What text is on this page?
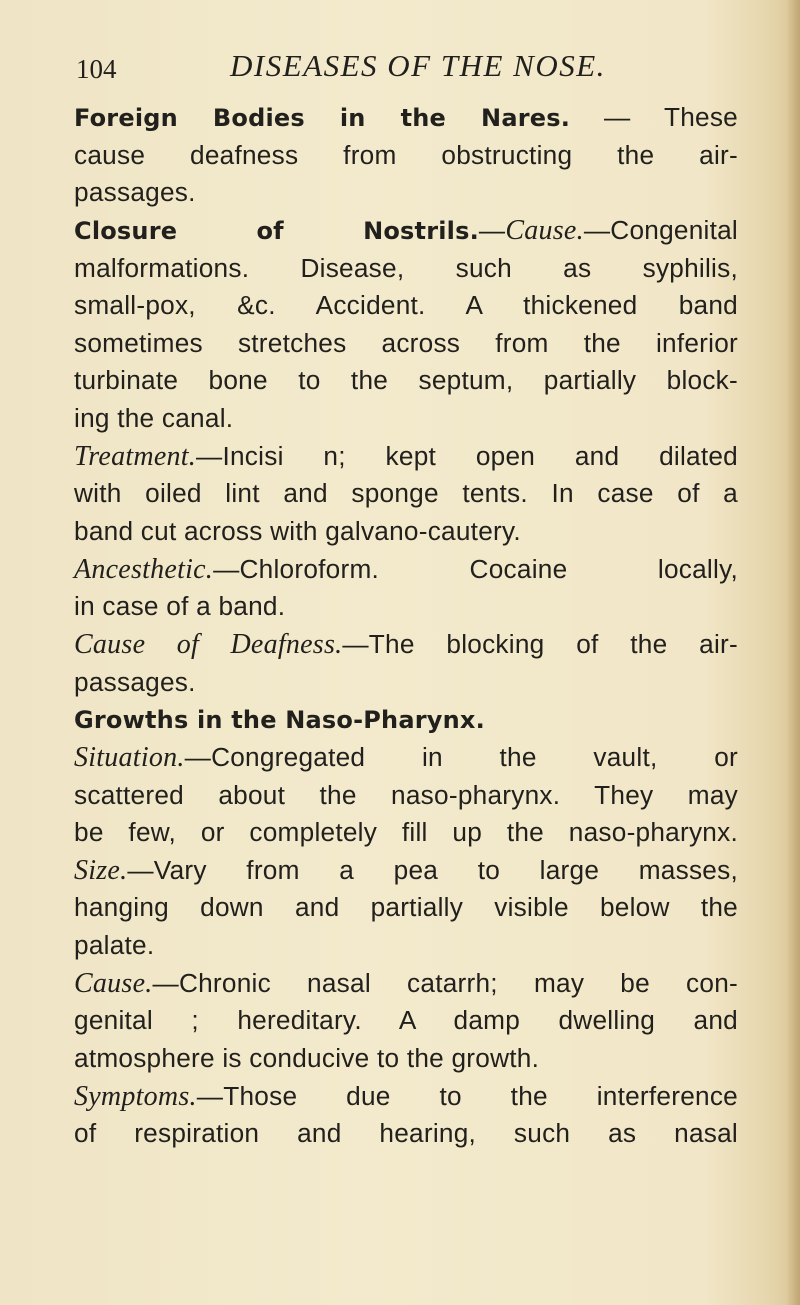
104	DISEASES OF THE NOSE.
Foreign Bodies in the Nares. — These
cause deafness from obstructing the air-
passages.
Closure of Nostrils.—Cause.—Congenital
malformations. Disease, such as syphilis,
small-pox, &c. Accident. A thickened band
sometimes stretches across from the inferior
turbinate bone to the septum, partially block-
ing the canal.
Treatment.—Incisi n; kept open and dilated
with oiled lint and sponge tents. In case of a
band cut across with galvano-cautery.
Ancesthetic.—Chloroform. Cocaine locally,
in case of a band.
Cause of Deafness.—The blocking of the air-
passages.
Growths in the Naso-Pharynx.
Situation.—Congregated in the vault, or
scattered about the naso-pharynx. They may
be few, or completely fill up the naso-pharynx.
Size.—Vary from a pea to large masses,
hanging down and partially visible below the
palate.
Cause.—Chronic nasal catarrh; may be con-
genital ; hereditary. A damp dwelling and
atmosphere is conducive to the growth.
Symptoms.—Those due to the interference
of respiration and hearing, such as nasal
